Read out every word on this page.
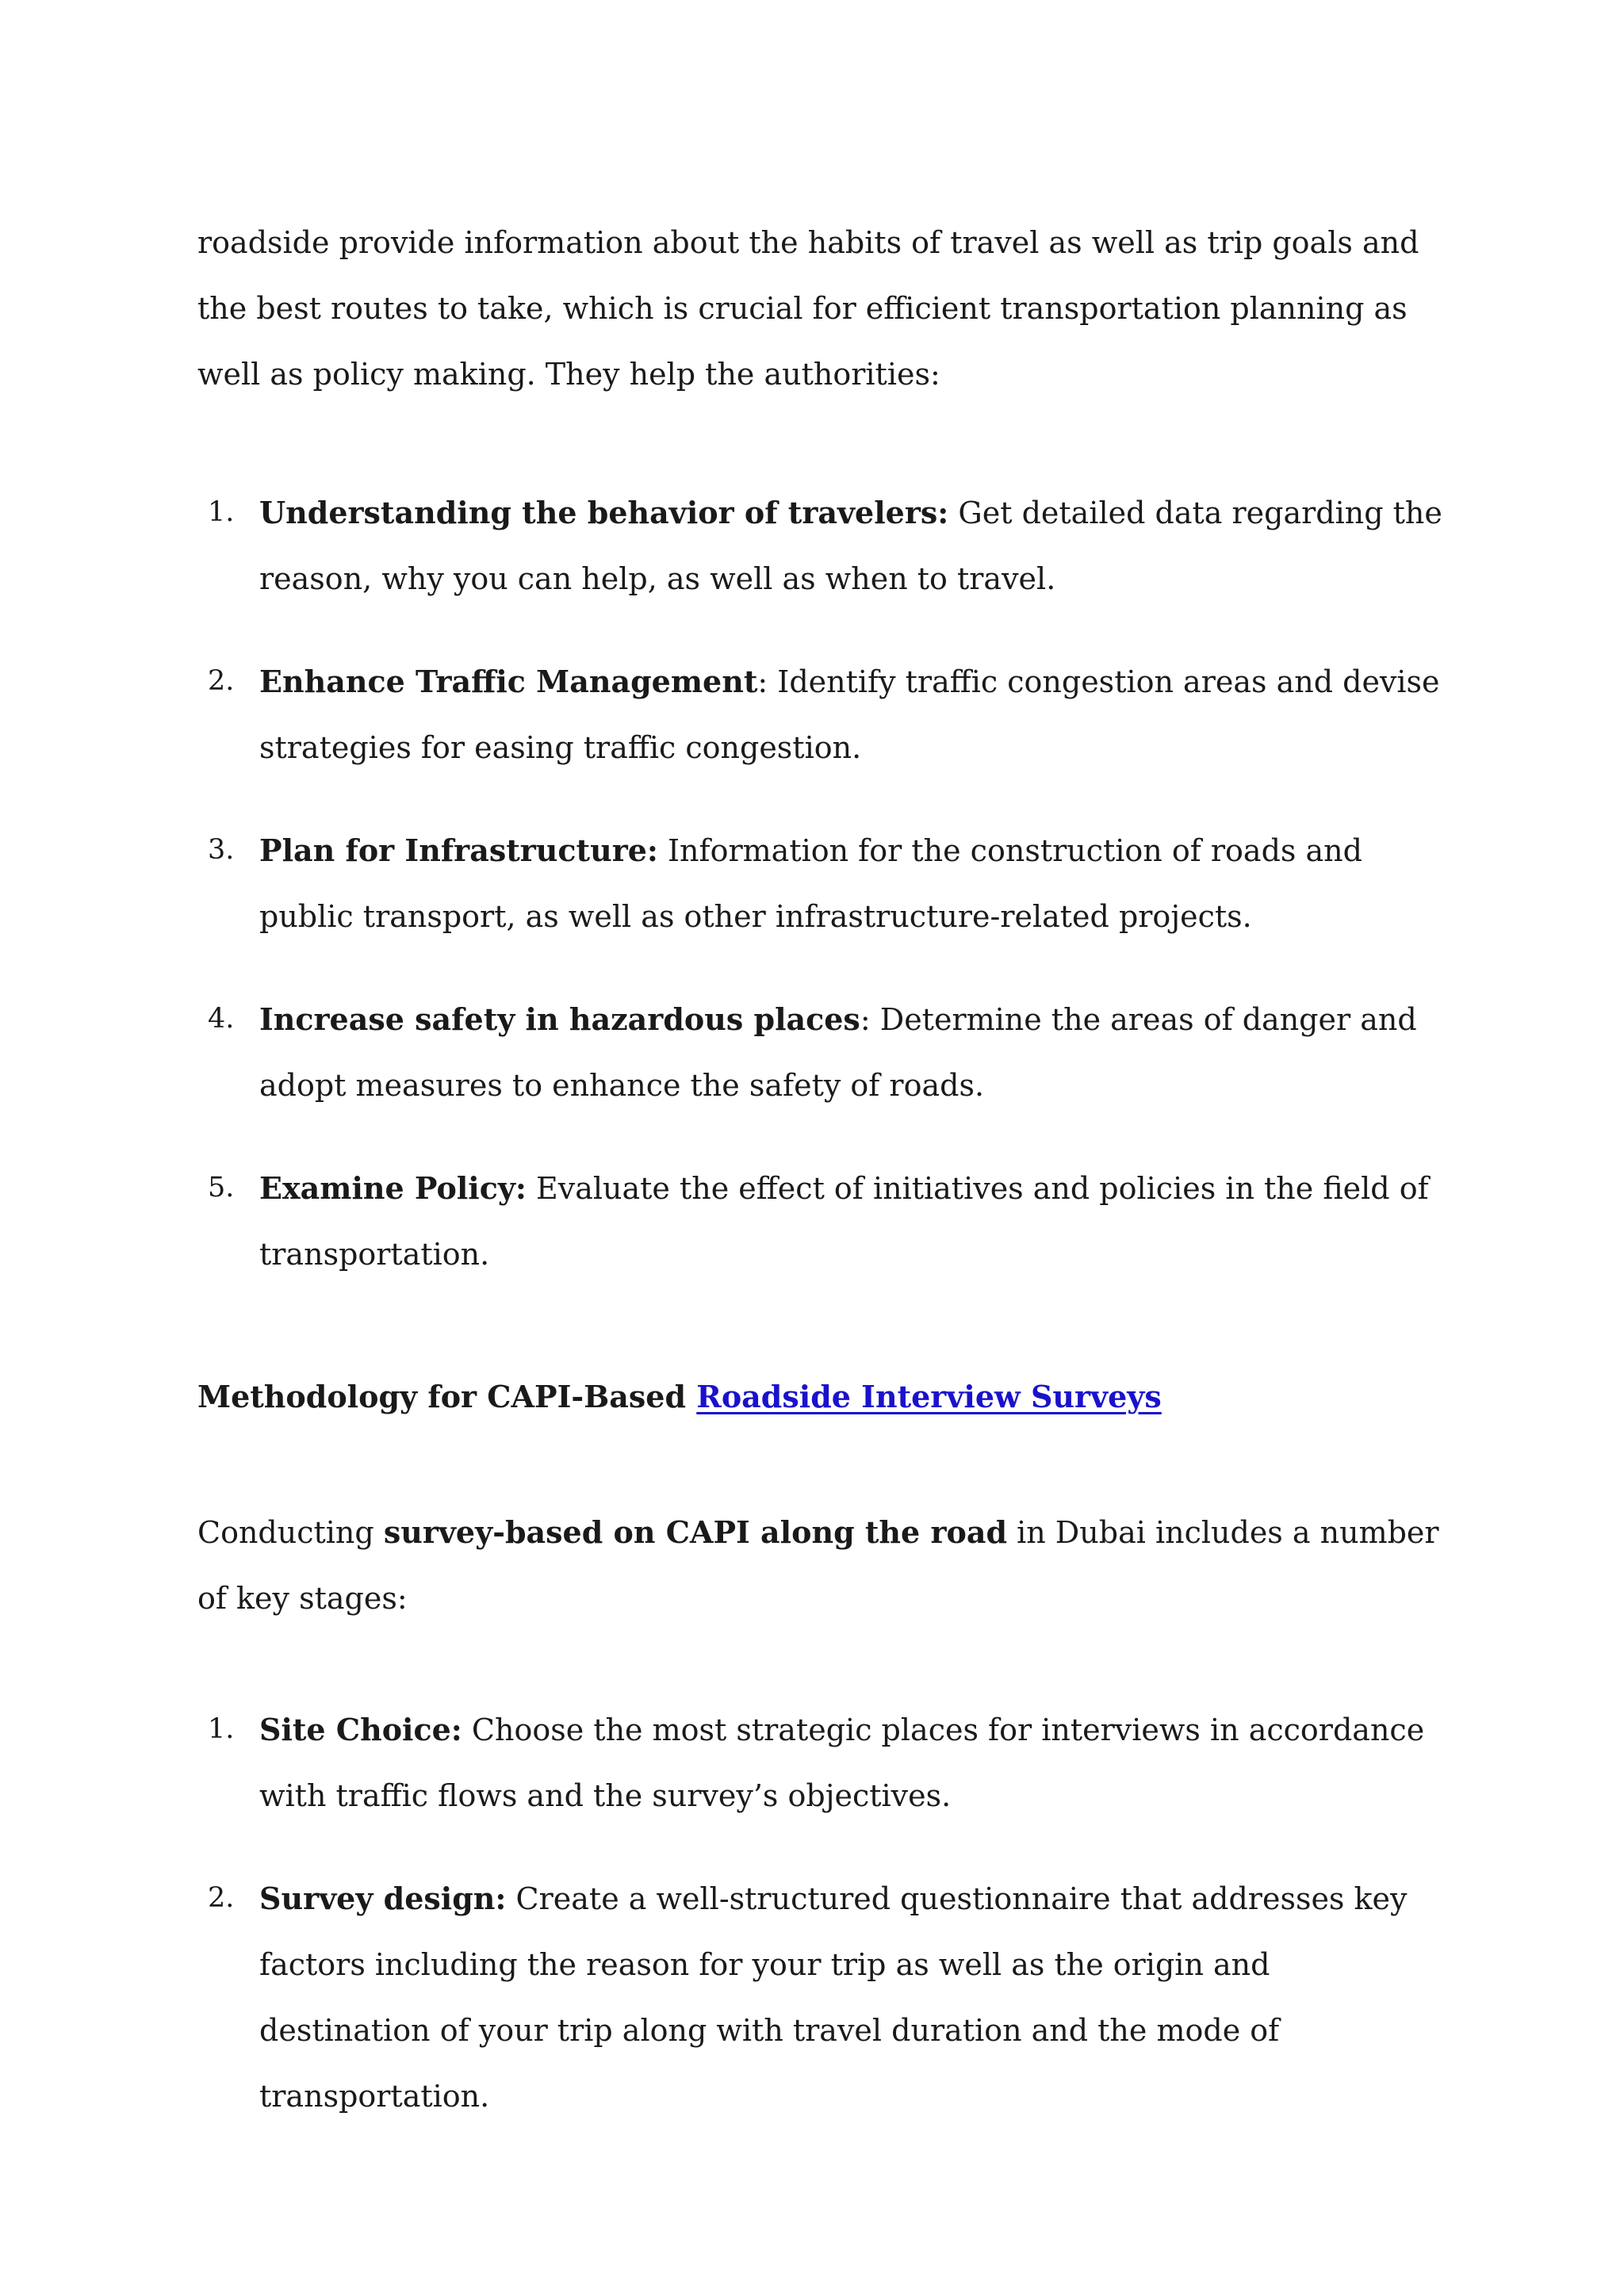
roadside provide information about the habits of travel as well as trip goals and the best routes to take, which is crucial for efficient transportation planning as well as policy making. They help the authorities:

1. Understanding the behavior of travelers: Get detailed data regarding the reason, why you can help, as well as when to travel.

2. Enhance Traffic Management: Identify traffic congestion areas and devise strategies for easing traffic congestion.

3. Plan for Infrastructure: Information for the construction of roads and public transport, as well as other infrastructure-related projects.

4. Increase safety in hazardous places: Determine the areas of danger and adopt measures to enhance the safety of roads.

5. Examine Policy: Evaluate the effect of initiatives and policies in the field of transportation.

Methodology for CAPI-Based Roadside Interview Surveys

Conducting survey-based on CAPI along the road in Dubai includes a number of key stages:

1. Site Choice: Choose the most strategic places for interviews in accordance with traffic flows and the survey’s objectives.

2. Survey design: Create a well-structured questionnaire that addresses key factors including the reason for your trip as well as the origin and destination of your trip along with travel duration and the mode of transportation.
